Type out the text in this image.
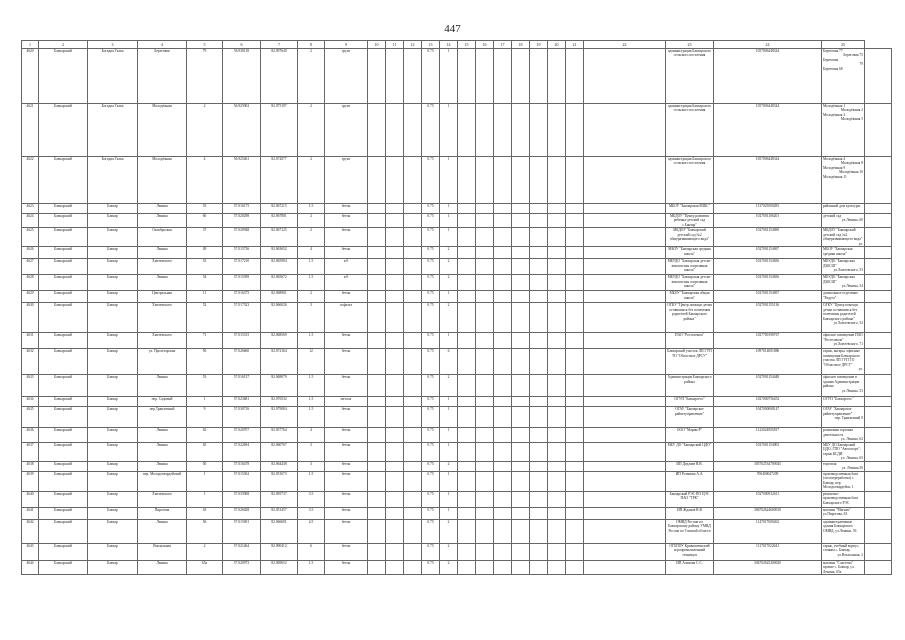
447
1	2	3	4	5	6	7	8	9	10	11	12	13	14	15	16	17	18	19	20	21	22	23	24	25	
4620	Бакчарский	Богадиа Галка	Береговая	79	56.930118	82.097640	2	грунт				0.75	1									администрация Бакчарского сельского поселения	1057006448344	Береговая 77
Береговая 75
Береговая
79
Береговая 68	

4621	Бакчарский	Богадиа Галка	Молодёжная	2	56.925902	82.075197	2	грунт				0.75	1									администрация Бакчарского сельского поселения	1057006448344	Молодёжная 1
Молодёжная 2
Молодёжная 3
Молодёжная 5	

4622	Бакчарский	Богадиа Галка	Молодёжная	4	56.925461	82.072077	2	грунт				0.75	1									администрация Бакчарского сельского поселения	1057006448344	Молодёжная 4
Молодёжная 8
Молодёжная 9
Молодёжная 10
Молодёжная 11	

4623	Бакчарский	Бакчар	Ленина	53	57.016175	82.067215	1.5	бетон				0.75	1									МБОУ "Бакчарская МШС"	1137025000283	районный дом культуры	

4624	Бакчарский	Бакчар	Ленина	60	57.020298	82.067801	2	бетон				0.75	1									МБДОУ "Центр развития ребенка-детский сад с.Бакчар"	1027001106201	детский сад
ул.Ленина, 60	

4625	Бакчарский	Бакчар	Октябрьская	37	57.020948	82.067125	2	бетон				0.75	1									МБДОУ "Бакчарский детский сад №2 общеразвивающего вида"	1027001154690	МБДОУ "Бакчарский детский сад №2 общеразвивающего вида"
ул.	

4626	Бакчарский	Бакчар	Ленина	49	57.015736	82.063652	4	бетон				0.75	2									МБОУ "Бакчарская средняя школа"	1027001154697	МБОУ "Бакчарская средняя школа"	

4627	Бакчарский	Бакчар	Хмелевского	53	57.017210	82.065984	1.5	а/б				0.75	2									МБУДО "Бакчарская детско-юношеская спортивная школа"	1027001154656	МБУДО "Бакчарская ДЮСШ"
ул.Хмелевского, 53	

4628	Бакчарский	Бакчар	Ленина	54	57.015399	82.065672	1.5	а/б				0.75	2									МБУДО "Бакчарская детско-юношеская спортивная школа"	1027001154656	МБУДО "Бакчарская ДЮСШ"
ул.Ленина, 54	

4629	Бакчарский	Бакчар	Центральная	11	57.016375	82.068901	2	бетон				0.75	1									МБОУ "Бакчарская общая школа"	1027001154697	дошкольное отделение "Радуга"	

4630	Бакчарский	Бакчар	Хмелевского	52	57.017323	82.066026	3	асфальт				0.75	2									ОГКУ "Центр помощи детям оставшимся без попечения родителей Бакчарского района"	1027001155136	ОГКУ "Центр помощи детям оставшимся без попечения родителей Бакчарского района"
ул.Хмелевского, 52	

4631	Бакчарский	Бакчар	Хмелевского	71	57.015315	82.068569	1.5	бетон				0.75	1									ПАО "Ростелеком"	1027700198767	офисное помещение ПАО "Ростелеком"
ул.Хмелевского, 71	

4632	Бакчарский	Бакчар	ул. Пролетарская	56	57.026660	82.072164	12	бетон				0.75	6									Бакчарский участок ЛП ГУП ТО "Областное ДРСУ"	1097014001886	гараж, ангары, офисные помещения Бакчарского участка ЛП ГУП ТО "Областное ДРСУ"
ул.	

4633	Бакчарский	Бакчар	Ленина	53	57.016137	82.068079	1.5	бетон				0.75	2									Администрация Бакчарского района	1027001154448	офисное помещение в здании Администрации района
ул.Ленина, 53	

4634	Бакчарский	Бакчар	пер. Садовый	1	57.023681	82.076532	1.5	металл				0.75	1									ОГУП "Бакчаргеос"	1027000756452	ОГУП "Бакчаргеос"	

4635	Бакчарский	Бакчар	пер.Транзитный	9	57.030716	82.079084	1.5	бетон				0.75	1									ОГАУ "Бакчарское райветуправление"	1047000008147	ОГАУ "Бакчарское райветуправление"
пер. Транзитный 9	

4636	Бакчарский	Бакчар	Ленина	62	57.020707	82.057764	4	бетон				0.75	1									ООО "Марин-Р"	1122024005817	розничная торговая деятельность
ул. Ленина, 62	

4637	Бакчарский	Бакчар	Ленина	65	57.022694	82.060767	3	бетон				0.75	1									МБУ ДО "Бакчарский ЦДО"	1027001154903	МБУ ДО Бакчарский ЦДО, ГПО "Автоспорт", гараж КСДИ
ул. Ленина, 65	

4638	Бакчарский	Бакчар	Ленина	50	57.016478	82.064438	3	бетон				0.75	2									ИП Дедляев В.В.	305702534700045	торговля
ул. Ленина,50	

4639	Бакчарский	Бакчар	пер. Молодогвардейский	1	57.015362	82.051673	1.5	бетон				0.75	1									ИП Розанова А.А.	700400047209	производственная база (лесопереработка) с. Бакчар, пер. Молодогвардейск, 1	

4640	Бакчарский	Бакчар	Хмелевского	1	57.035968	82.095737	3.5	бетон				0.75	1									Бакчарский РЭС ПО ЦЭС ПАО "ТРК"	1027000912611	ремонтно-производственная база Бакчарского РЭС	

4641	Бакчарский	Бакчар	Пирогова	63	57.026028	82.051457	3.5	бетон				0.75	1									ИП Жданов В.В	306702624600010	магазин "Магнит" ул.Пирогова, 63	

4642	Бакчарский	Бакчар	Ленина	56	57.015691	82.066691	4.5	бетон				0.75	2									ОМВД России по Бакчарскому району УМВД России по Томской области	1147017000263	административные здания Бакчарского ОМВД, ул.Ленина, 56	

4643	Бакчарский	Бакчар	Вокзальная	2	57.021464	82.090412	6	бетон				0.75	2									ОГБПОУ Кривошеинский агропромышленный техникум	1117017022641	гараж, учебный корпус, стоянка с. Бакчар,
ул.Вокзальная, 2	

4644	Бакчарский	Бакчар	Ленина	65а	57.020973	82.069652	1.5	бетон				0.75	2									ИП Асинова С.С.	304702625200020	магазин "Сластена" прочие с. Бакчар, ул. Ленина, 65а	
